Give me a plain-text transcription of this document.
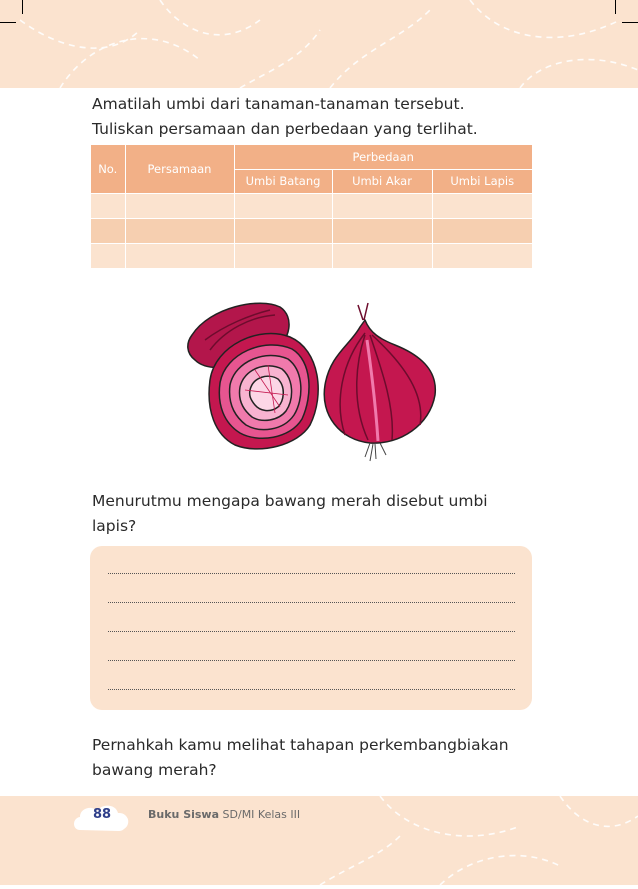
Amatilah umbi dari tanaman-tanaman tersebut.
Tuliskan persamaan dan perbedaan yang terlihat.
No.	Persamaan	Perbedaan		
		Umbi Batang	Umbi Akar	Umbi Lapis

Menurutmu mengapa bawang merah disebut umbi
lapis?
Pernahkah kamu melihat tahapan perkembangbiakan
bawang merah?
88	Buku Siswa SD/MI Kelas III
